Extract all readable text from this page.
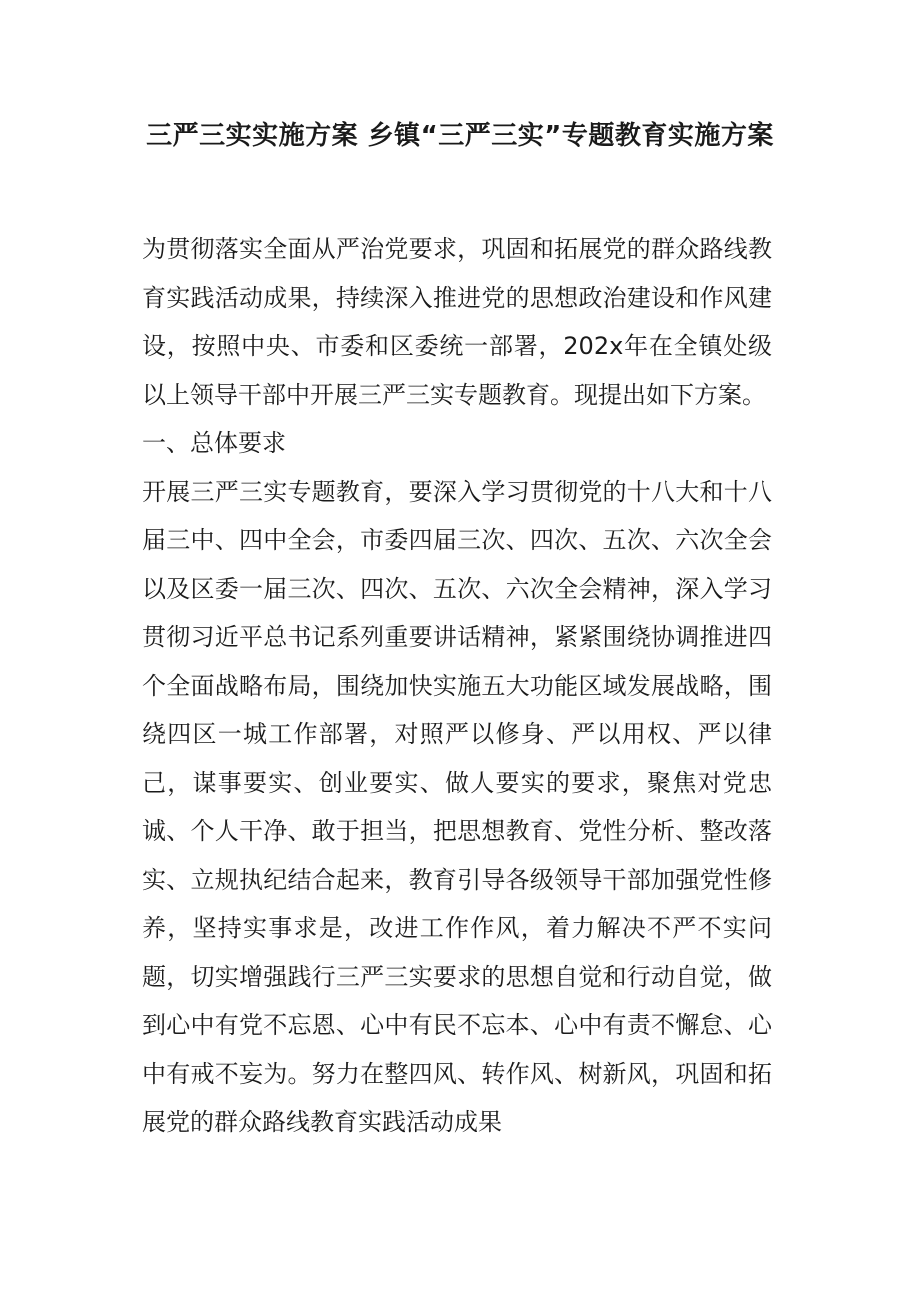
三严三实实施方案 乡镇“三严三实”专题教育实施方案

为贯彻落实全面从严治党要求，巩固和拓展党的群众路线教育实践活动成果，持续深入推进党的思想政治建设和作风建设，按照中央、市委和区委统一部署，202x年在全镇处级以上领导干部中开展三严三实专题教育。现提出如下方案。

一、总体要求

开展三严三实专题教育，要深入学习贯彻党的十八大和十八届三中、四中全会，市委四届三次、四次、五次、六次全会以及区委一届三次、四次、五次、六次全会精神，深入学习贯彻习近平总书记系列重要讲话精神，紧紧围绕协调推进四个全面战略布局，围绕加快实施五大功能区域发展战略，围绕四区一城工作部署，对照严以修身、严以用权、严以律己，谋事要实、创业要实、做人要实的要求，聚焦对党忠诚、个人干净、敢于担当，把思想教育、党性分析、整改落实、立规执纪结合起来，教育引导各级领导干部加强党性修养，坚持实事求是，改进工作作风，着力解决不严不实问题，切实增强践行三严三实要求的思想自觉和行动自觉，做到心中有党不忘恩、心中有民不忘本、心中有责不懈怠、心中有戒不妄为。努力在整四风、转作风、树新风，巩固和拓展党的群众路线教育实践活动成果
